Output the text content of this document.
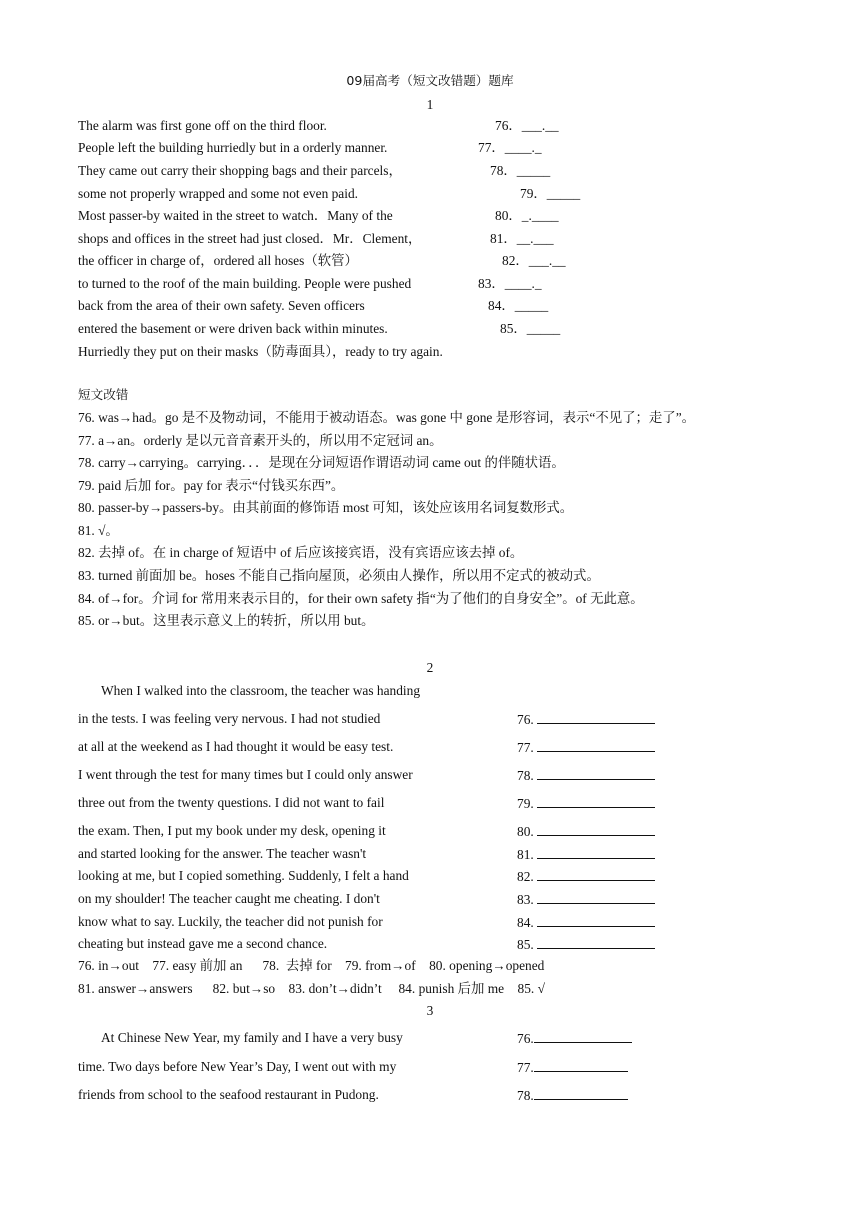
09届高考（短文改错题）题库
1
The alarm was first gone off on the third floor.	76．___.__
People left the building hurriedly but in a orderly manner.	77．____._
They came out carry their shopping bags and their parcels，	78．_____
some not properly wrapped and some not even paid.	79．_____
Most passer-by waited in the street to watch．Many of the	80．_.____
shops and offices in the street had just closed．Mr．Clement，	81．__.___
the officer in charge of，ordered all hoses（软管）	82．___.__
to turned to the roof of the main building. People were pushed	83．____._
back from the area of their own safety. Seven officers	84．_____
entered the basement or were driven back within minutes.	85．_____
Hurriedly they put on their masks（防毒面具），ready to try again.
短文改错
76. was→had。go 是不及物动词，不能用于被动语态。was gone 中 gone 是形容词，表示“不见了；走了”。
77. a→an。orderly 是以元音音素开头的，所以用不定冠词 an。
78. carry→carrying。carrying．．．是现在分词短语作谓语动词 came out 的伴随状语。
79. paid 后加 for。pay for 表示“付钱买东西”。
80. passer-by→passers-by。由其前面的修饰语 most 可知，该处应该用名词复数形式。
81. √。
82. 去掉 of。在 in charge of 短语中 of 后应该接宾语，没有宾语应该去掉 of。
83. turned 前面加 be。hoses 不能自己指向屋顶，必须由人操作，所以用不定式的被动式。
84. of→for。介词 for 常用来表示目的，for their own safety 指“为了他们的自身安全”。of 无此意。
85. or→but。这里表示意义上的转折，所以用 but。
2
When I walked into the classroom, the teacher was handing
in the tests. I was feeling very nervous. I had not studied	76.
at all at the weekend as I had thought it would be easy test.	77.
I went through the test for many times but I could only answer	78.
three out from the twenty questions. I did not want to fail	79.
the exam. Then, I put my book under my desk, opening it	80.
and started looking for the answer. The teacher wasn't	81.
looking at me, but I copied something. Suddenly, I felt a hand	82.
on my shoulder! The teacher caught me cheating. I don't	83.
know what to say. Luckily, the teacher did not punish for	84.
cheating but instead gave me a second chance.	85.
76. in→out    77. easy 前加 an      78.  去掉 for    79. from→of    80. opening→opened
81. answer→answers      82. but→so    83. don’t→didn’t     84. punish 后加 me    85. √
3
At Chinese New Year, my family and I have a very busy	76.
time. Two days before New Year’s Day, I went out with my	77.
friends from school to the seafood restaurant in Pudong.	78.
